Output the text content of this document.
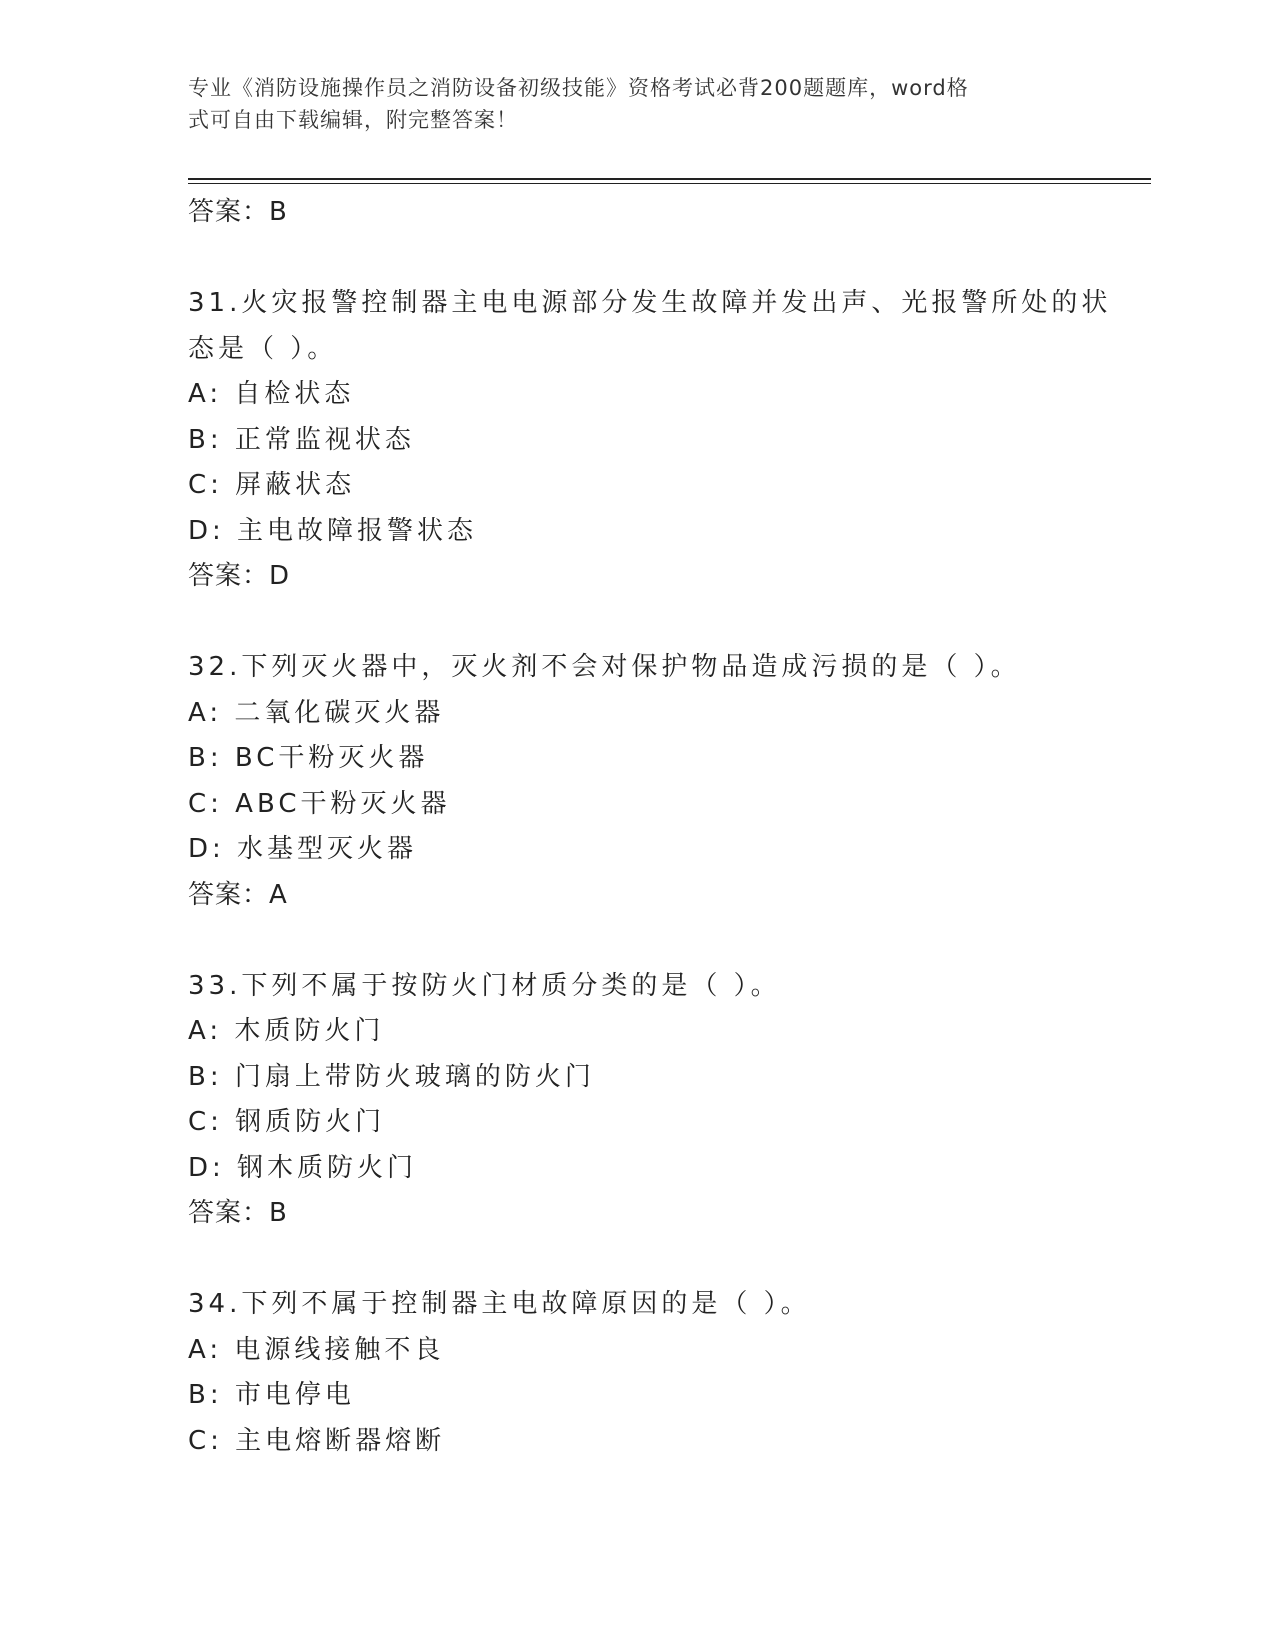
专业《消防设施操作员之消防设备初级技能》资格考试必背200题题库，word格
式可自由下载编辑，附完整答案！
答案：B
31.火灾报警控制器主电电源部分发生故障并发出声、光报警所处的状
态是（ ）。
A: 自检状态
B: 正常监视状态
C: 屏蔽状态
D: 主电故障报警状态
答案：D
32.下列灭火器中，灭火剂不会对保护物品造成污损的是（ ）。
A: 二氧化碳灭火器
B: BC干粉灭火器
C: ABC干粉灭火器
D: 水基型灭火器
答案：A
33.下列不属于按防火门材质分类的是（ ）。
A: 木质防火门
B: 门扇上带防火玻璃的防火门
C: 钢质防火门
D: 钢木质防火门
答案：B
34.下列不属于控制器主电故障原因的是（ ）。
A: 电源线接触不良
B: 市电停电
C: 主电熔断器熔断
